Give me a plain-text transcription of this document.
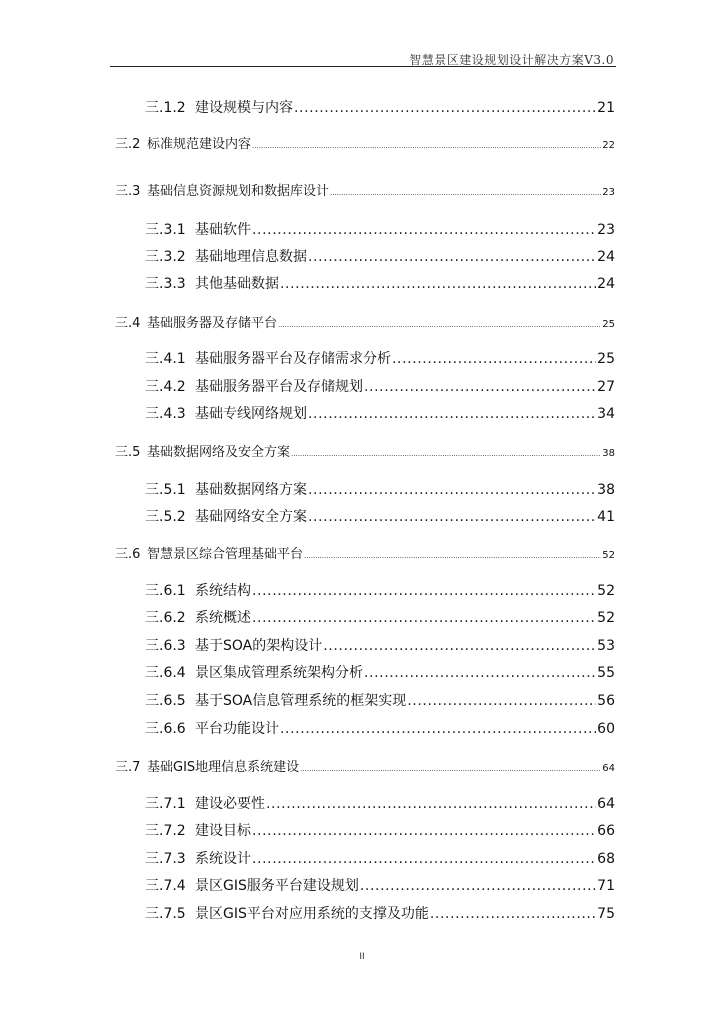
智慧景区建设规划设计解决方案V3.0
三.1.2 建设规模与内容 .....	21
三.2 标准规范建设内容 .....	22
三.3 基础信息资源规划和数据库设计 .....	23
三.3.1 基础软件 .....	23
三.3.2 基础地理信息数据 .....	24
三.3.3 其他基础数据 .....	24
三.4 基础服务器及存储平台 .....	25
三.4.1 基础服务器平台及存储需求分析 .....	25
三.4.2 基础服务器平台及存储规划 .....	27
三.4.3 基础专线网络规划 .....	34
三.5 基础数据网络及安全方案 .....	38
三.5.1 基础数据网络方案 .....	38
三.5.2 基础网络安全方案 .....	41
三.6 智慧景区综合管理基础平台 .....	52
三.6.1 系统结构 .....	52
三.6.2 系统概述 .....	52
三.6.3 基于SOA的架构设计 .....	53
三.6.4 景区集成管理系统架构分析 .....	55
三.6.5 基于SOA信息管理系统的框架实现 .....	56
三.6.6 平台功能设计 .....	60
三.7 基础GIS地理信息系统建设 .....	64
三.7.1 建设必要性 .....	64
三.7.2 建设目标 .....	66
三.7.3 系统设计 .....	68
三.7.4 景区GIS服务平台建设规划 .....	71
三.7.5 景区GIS平台对应用系统的支撑及功能 .....	75
II
